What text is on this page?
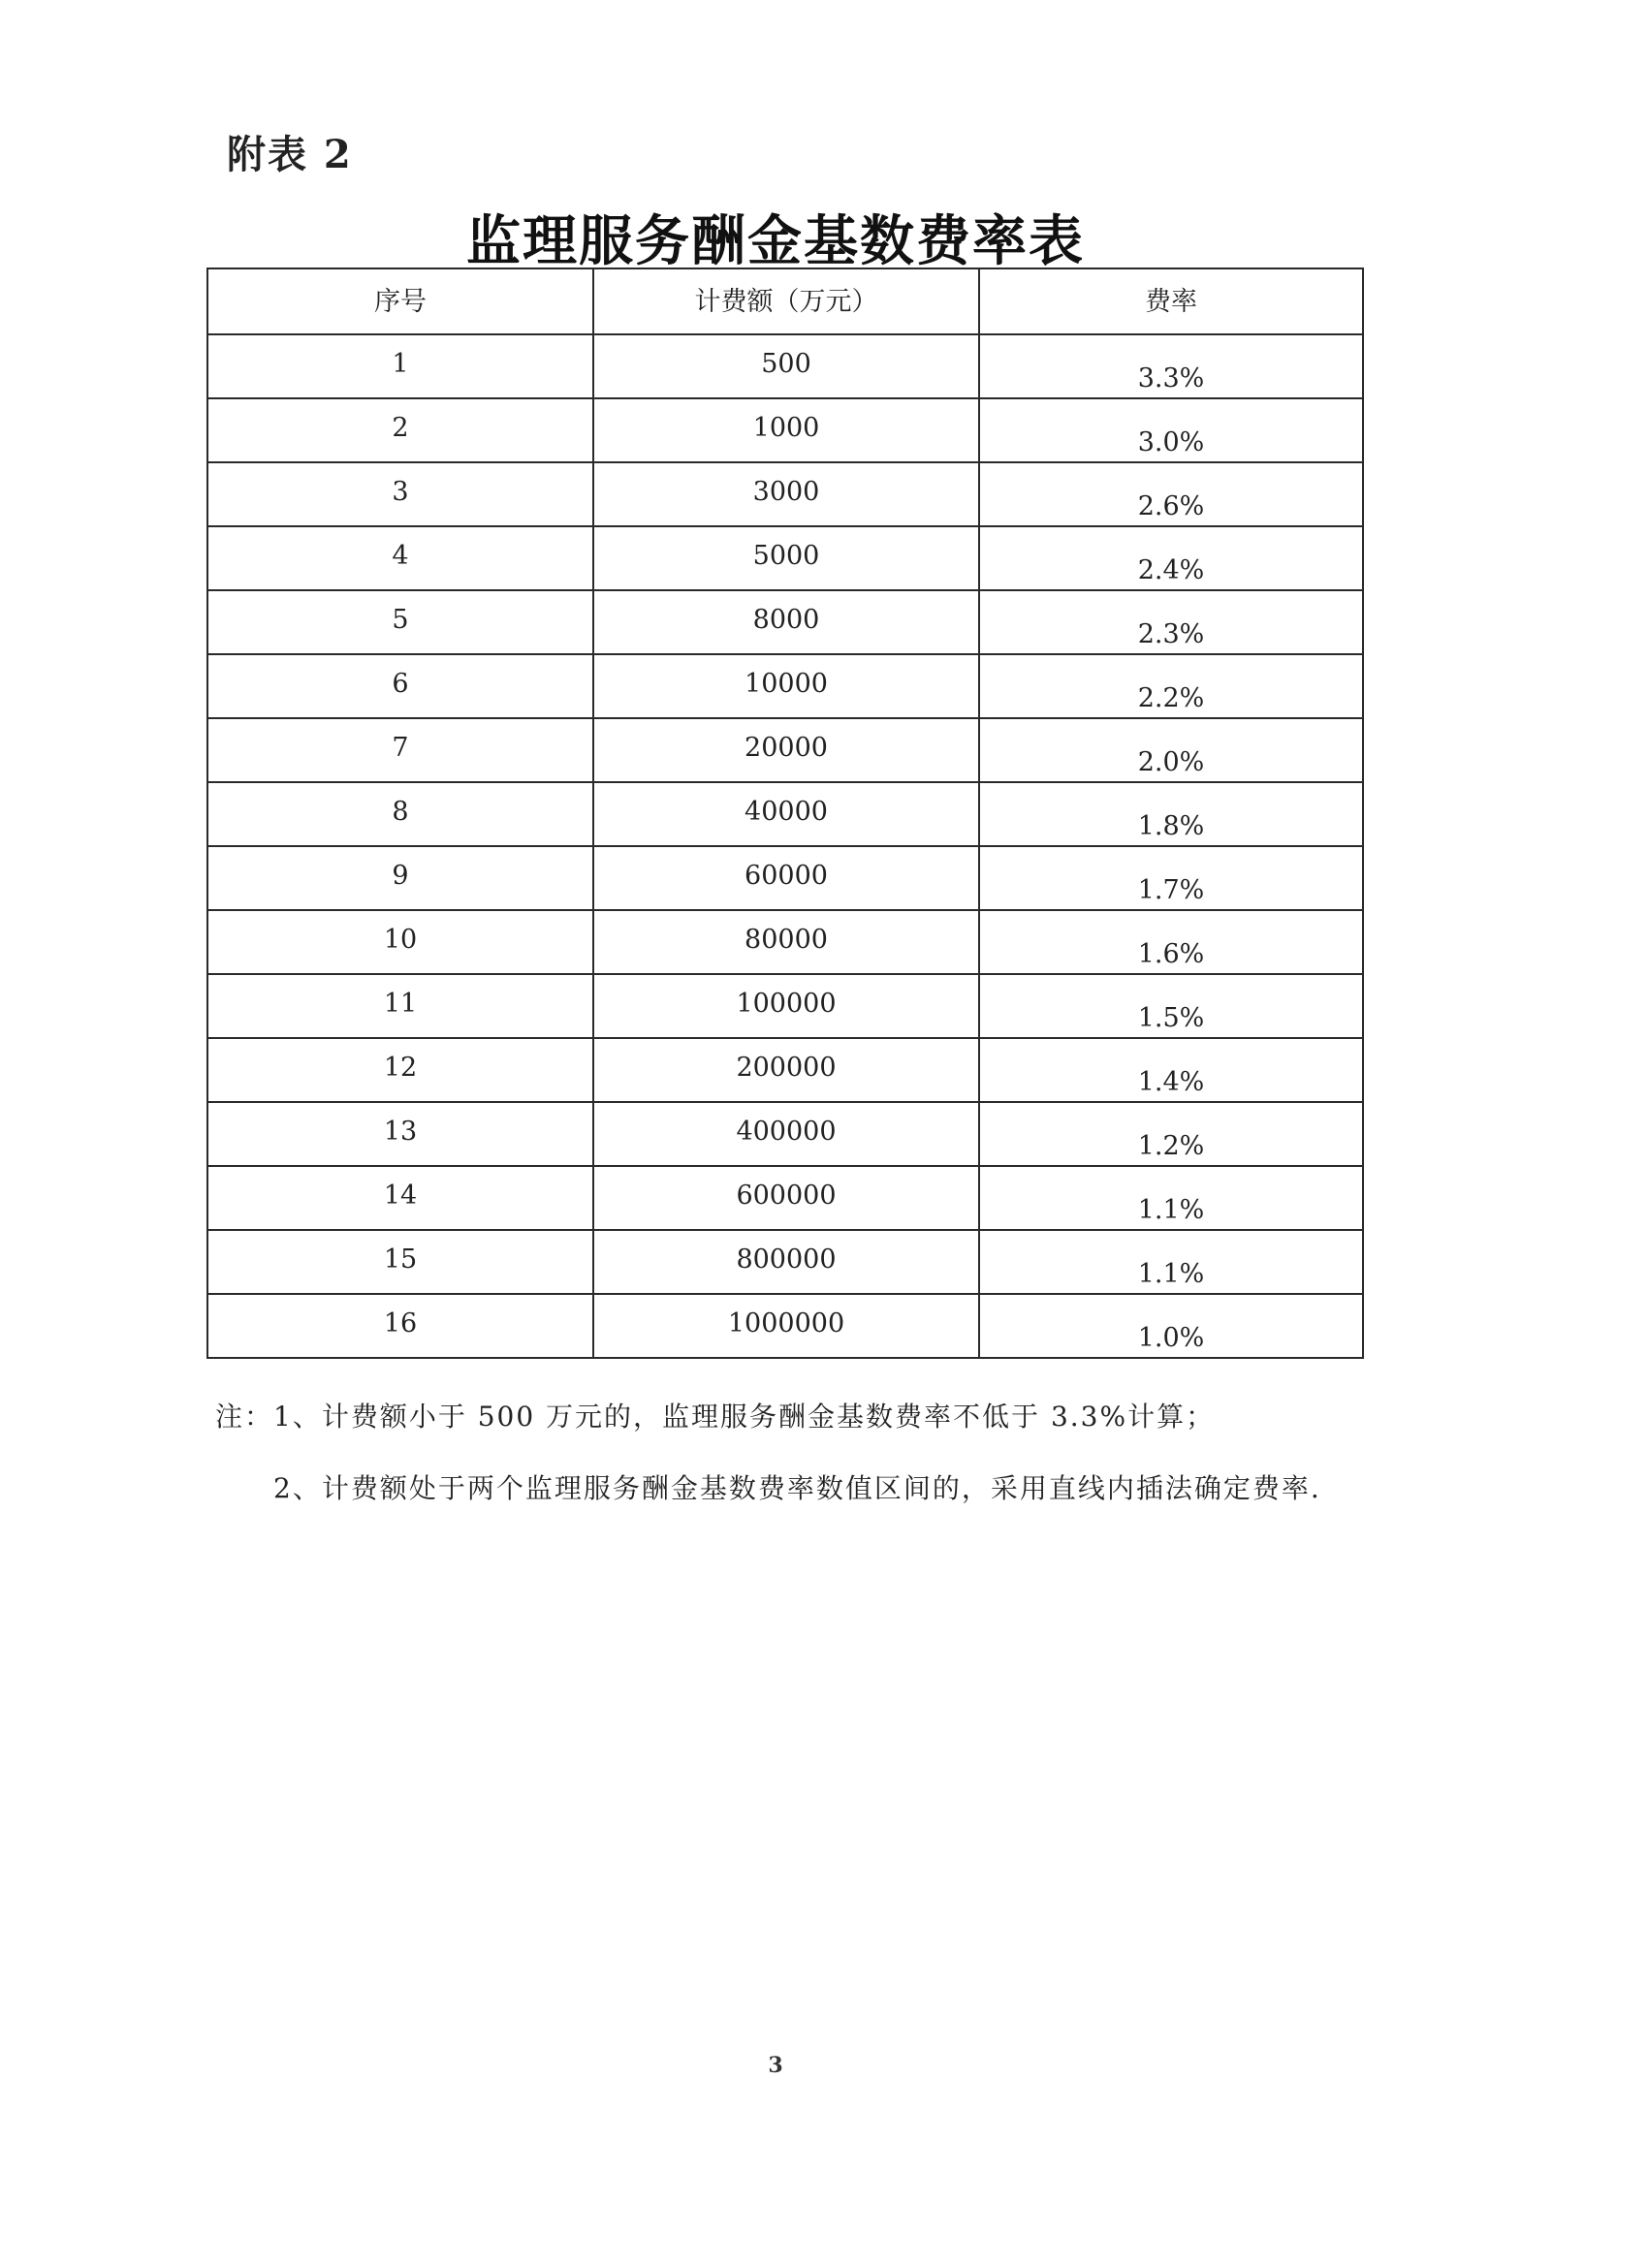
附表 2
监理服务酬金基数费率表
序号	计费额（万元）	费率

1	500	3.3%

2	1000	3.0%

3	3000	2.6%

4	5000	2.4%

5	8000	2.3%

6	10000	2.2%

7	20000	2.0%

8	40000	1.8%

9	60000	1.7%

10	80000	1.6%

11	100000	1.5%

12	200000	1.4%

13	400000	1.2%

14	600000	1.1%

15	800000	1.1%

16	1000000	1.0%
注：1、计费额小于 500 万元的，监理服务酬金基数费率不低于 3.3%计算；
2、计费额处于两个监理服务酬金基数费率数值区间的，采用直线内插法确定费率.
3
